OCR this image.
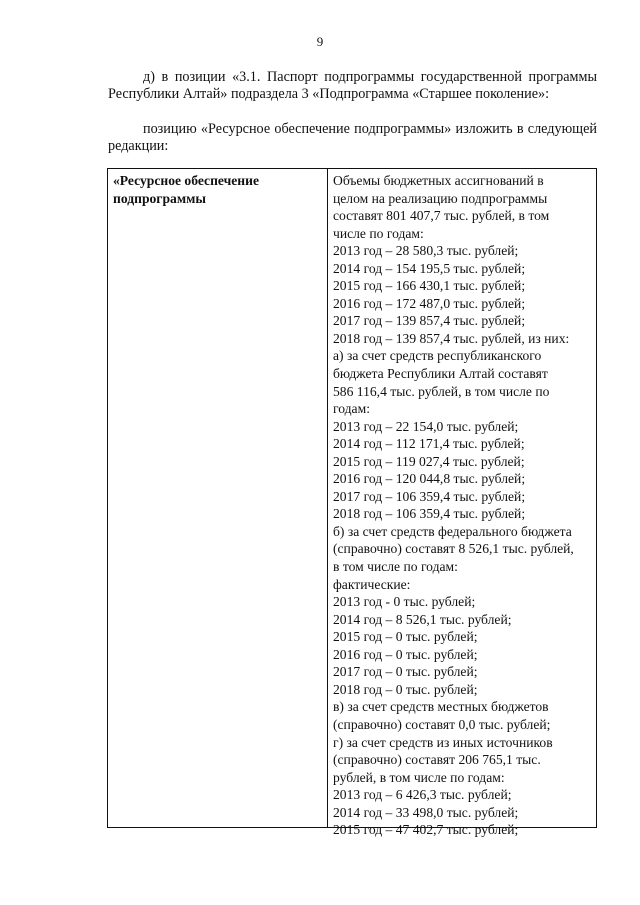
9

д) в позиции «3.1. Паспорт подпрограммы государственной программы Республики Алтай» подраздела 3 «Подпрограмма «Старшее поколение»:

позицию «Ресурсное обеспечение подпрограммы» изложить в следующей редакции:

«Ресурсное обеспечение
подпрограммы
Объемы бюджетных ассигнований в
целом на реализацию подпрограммы
составят 801 407,7 тыс. рублей, в том
числе по годам:
2013 год – 28 580,3 тыс. рублей;
2014 год – 154 195,5 тыс. рублей;
2015 год – 166 430,1 тыс. рублей;
2016 год – 172 487,0 тыс. рублей;
2017 год – 139 857,4 тыс. рублей;
2018 год – 139 857,4 тыс. рублей, из них:
а) за счет средств республиканского
бюджета Республики Алтай составят
586 116,4 тыс. рублей, в том числе по
годам:
2013 год – 22 154,0 тыс. рублей;
2014 год – 112 171,4 тыс. рублей;
2015 год – 119 027,4 тыс. рублей;
2016 год – 120 044,8 тыс. рублей;
2017 год – 106 359,4 тыс. рублей;
2018 год – 106 359,4 тыс. рублей;
б) за счет средств федерального бюджета
(справочно) составят 8 526,1 тыс. рублей,
в том числе по годам:
фактические:
2013 год - 0 тыс. рублей;
2014 год – 8 526,1 тыс. рублей;
2015 год – 0 тыс. рублей;
2016 год – 0 тыс. рублей;
2017 год – 0 тыс. рублей;
2018 год – 0 тыс. рублей;
в) за счет средств местных бюджетов
(справочно) составят 0,0 тыс. рублей;
г) за счет средств из иных источников
(справочно) составят 206 765,1 тыс.
рублей, в том числе по годам:
2013 год – 6 426,3 тыс. рублей;
2014 год – 33 498,0 тыс. рублей;
2015 год – 47 402,7 тыс. рублей;
